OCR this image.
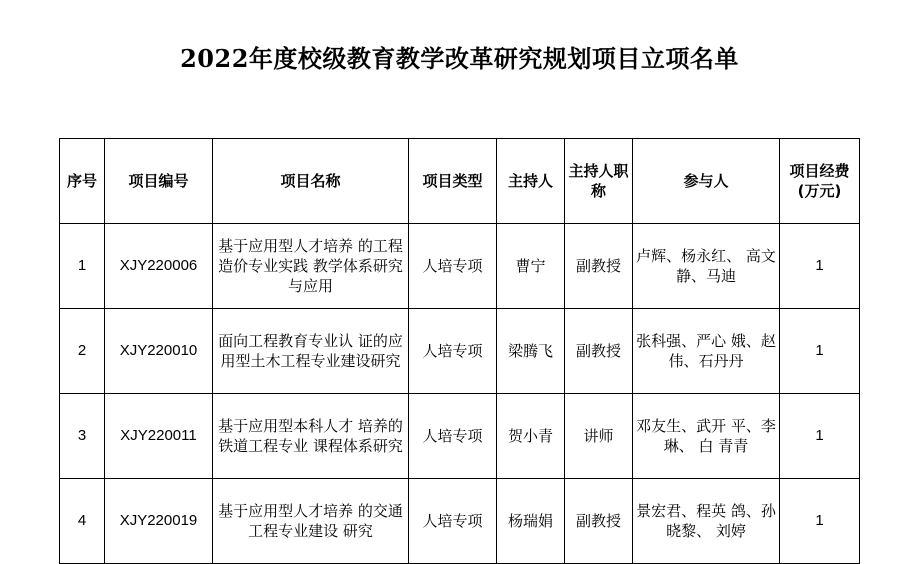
2022年度校级教育教学改革研究规划项目立项名单
序号	项目编号	项目名称	项目类型	主持人	主持人职称	参与人	项目经费(万元)
1	XJY220006	基于应用型人才培养 的工程造价专业实践 教学体系研究与应用	人培专项	曹宁	副教授	卢辉、杨永红、 高文静、马迪	1
2	XJY220010	面向工程教育专业认 证的应用型土木工程专业建设研究	人培专项	梁腾飞	副教授	张科强、严心 娥、赵伟、石丹丹	1
3	XJY220011	基于应用型本科人才 培养的铁道工程专业 课程体系研究	人培专项	贺小青	讲师	邓友生、武开 平、李琳、 白 青青	1
4	XJY220019	基于应用型人才培养 的交通工程专业建设 研究	人培专项	杨瑞娟	副教授	景宏君、程英 鸽、孙晓黎、 刘婷	1
